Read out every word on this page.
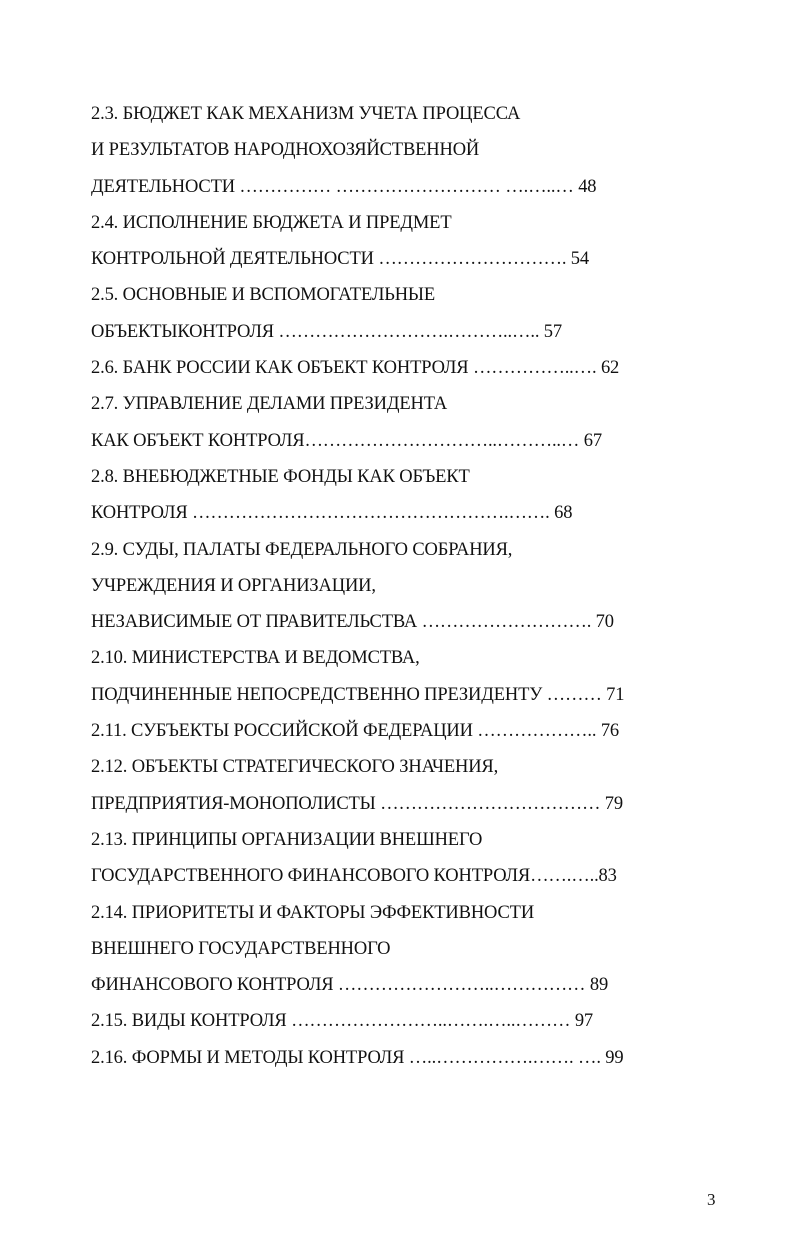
2.3. БЮДЖЕТ КАК МЕХАНИЗМ УЧЕТА ПРОЦЕССА
И РЕЗУЛЬТАТОВ НАРОДНОХОЗЯЙСТВЕННОЙ
ДЕЯТЕЛЬНОСТИ …………… ……………………… ….…..… 48
2.4. ИСПОЛНЕНИЕ БЮДЖЕТА И ПРЕДМЕТ
КОНТРОЛЬНОЙ ДЕЯТЕЛЬНОСТИ …………………………. 54
2.5. ОСНОВНЫЕ И ВСПОМОГАТЕЛЬНЫЕ
ОБЪЕКТЫКОНТРОЛЯ ……………………….………..….. 57
2.6. БАНК РОССИИ КАК ОБЪЕКТ КОНТРОЛЯ ……………..…. 62
2.7. УПРАВЛЕНИЕ ДЕЛАМИ ПРЕЗИДЕНТА
КАК ОБЪЕКТ КОНТРОЛЯ…………………………..………..… 67
2.8. ВНЕБЮДЖЕТНЫЕ ФОНДЫ КАК ОБЪЕКТ
КОНТРОЛЯ …………………………………………….……. 68
2.9. СУДЫ, ПАЛАТЫ ФЕДЕРАЛЬНОГО СОБРАНИЯ,
УЧРЕЖДЕНИЯ И ОРГАНИЗАЦИИ,
НЕЗАВИСИМЫЕ ОТ ПРАВИТЕЛЬСТВА ………………………. 70
2.10. МИНИСТЕРСТВА И ВЕДОМСТВА,
ПОДЧИНЕННЫЕ НЕПОСРЕДСТВЕННО ПРЕЗИДЕНТУ ……… 71
2.11. СУБЪЕКТЫ РОССИЙСКОЙ ФЕДЕРАЦИИ ……………….. 76
2.12. ОБЪЕКТЫ СТРАТЕГИЧЕСКОГО ЗНАЧЕНИЯ,
ПРЕДПРИЯТИЯ-МОНОПОЛИСТЫ ……………………………… 79
2.13. ПРИНЦИПЫ ОРГАНИЗАЦИИ ВНЕШНЕГО
ГОСУДАРСТВЕННОГО ФИНАНСОВОГО КОНТРОЛЯ…….…..83
2.14. ПРИОРИТЕТЫ И ФАКТОРЫ ЭФФЕКТИВНОСТИ
ВНЕШНЕГО ГОСУДАРСТВЕННОГО
ФИНАНСОВОГО КОНТРОЛЯ ……………………..…………… 89
2.15. ВИДЫ КОНТРОЛЯ ……………………..…….…..……… 97
2.16. ФОРМЫ И МЕТОДЫ КОНТРОЛЯ …..…………….……. …. 99
3
